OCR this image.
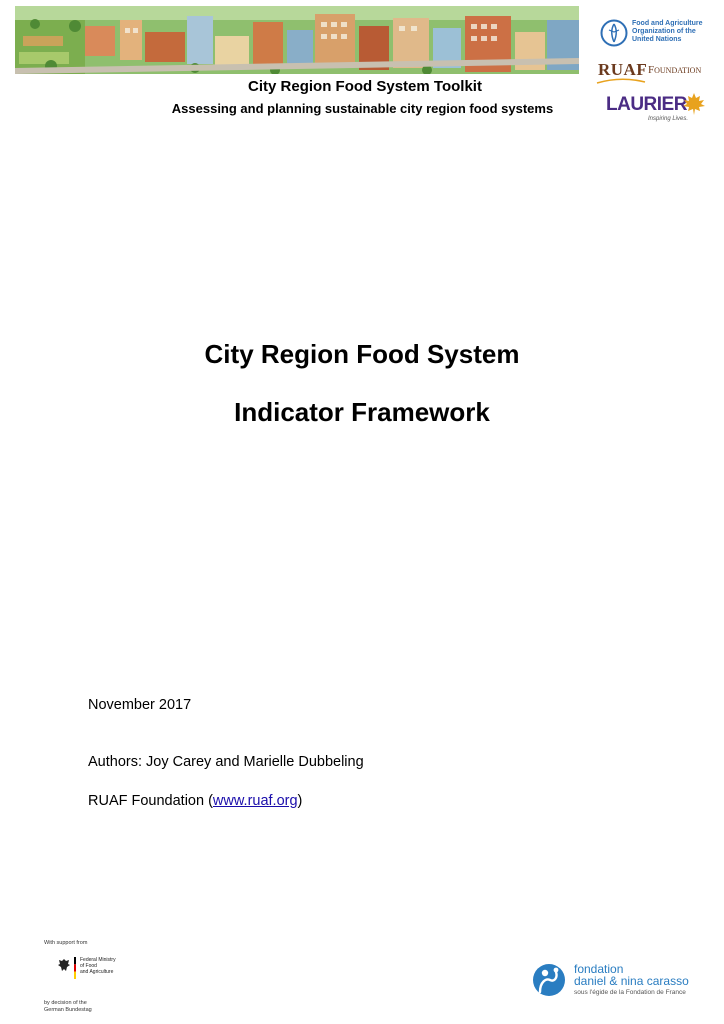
City Region Food System Toolkit
Assessing and planning sustainable city region food systems
Food and Agriculture
Organization of the
United Nations
RUAF Foundation
LAURIER
Inspiring Lives.
City Region Food System
Indicator Framework
November 2017
Authors: Joy Carey and Marielle Dubbeling
RUAF Foundation (www.ruaf.org)
With support from
Federal Ministry
of Food
and Agriculture
by decision of the
German Bundestag
fondation
daniel & nina carasso
sous l'égide de la Fondation de France
